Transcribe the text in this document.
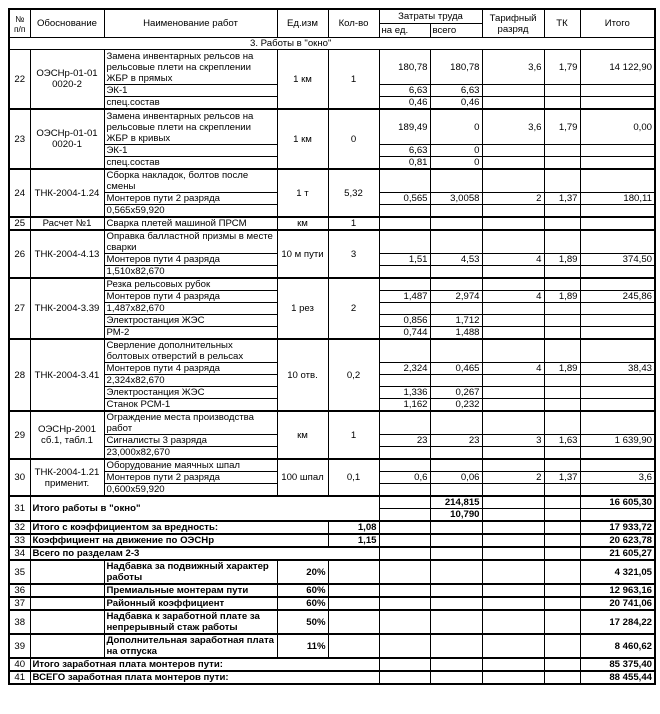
№ п/п	Обоснование	Наименование работ	Ед.изм	Кол-во	Затраты труда		Тарифный разряд	ТК	Итого
					на ед.	всего			
3. Работы в "окно"									
22	ОЭСНр-01-01 0020-2	Замена инвентарных рельсов на рельсовые плети на скреплении ЖБР в прямых	1 км	1	180,78	180,78	3,6	1,79	14 122,90
		ЭК-1			6,63	6,63			
		спец.состав			0,46	0,46			
23	ОЭСНр-01-01 0020-1	Замена инвентарных рельсов на рельсовые плети на скреплении ЖБР в кривых	1 км	0	189,49	0	3,6	1,79	0,00
		ЭК-1			6,63	0			
		спец.состав			0,81	0			
24	ТНК-2004-1.24	Сборка накладок, болтов после смены	1 т	5,32					
		Монтеров пути 2 разряда			0,565	3,0058	2	1,37	180,11
		0,565x59,920							
25	Расчет №1	Сварка плетей машиной ПРСМ	км	1					
26	ТНК-2004-4.13	Оправка балластной призмы в месте сварки	10 м пути	3					
		Монтеров пути 4 разряда			1,51	4,53	4	1,89	374,50
		1,510x82,670							
27	ТНК-2004-3.39	Резка рельсовых рубок	1 рез	2					
		Монтеров пути 4 разряда			1,487	2,974	4	1,89	245,86
		1,487x82,670							
		Электростанция ЖЭС			0,856	1,712			
		РМ-2			0,744	1,488			
28	ТНК-2004-3.41	Сверление дополнительных болтовых отверстий в рельсах	10 отв.	0,2					
		Монтеров пути 4 разряда			2,324	0,465	4	1,89	38,43
		2,324x82,670							
		Электростанция ЖЭС			1,336	0,267			
		Станок РСМ-1			1,162	0,232			
29	ОЭСНр-2001 сб.1, табл.1	Ограждение места производства работ	км	1					
		Сигналисты 3 разряда			23	23	3	1,63	1 639,90
		23,000x82,670							
30	ТНК-2004-1.21 применит.	Оборудование маячных шпал	100 шпал	0,1					
		Монтеров пути 2 разряда			0,6	0,06	2	1,37	3,6
		0,600x59,920							
31	Итого работы в "окно"					214,815			16 605,30
						10,790			
32	Итого с коэффициентом за вредность:			1,08					17 933,72
33	Коэффициент на движение по ОЭСНр			1,15					20 623,78
34	Всего по разделам 2-3								21 605,27
35		Надбавка за подвижный характер работы	20%						4 321,05
36		Премиальные монтерам пути	60%						12 963,16
37		Районный коэффициент	60%						20 741,06
38		Надбавка к заработной плате за непрерывный стаж работы	50%						17 284,22
39		Дополнительная заработная плата на отпуска	11%						8 460,62
40	Итого заработная плата монтеров пути:								85 375,40
41	ВСЕГО заработная плата монтеров пути:								88 455,44
